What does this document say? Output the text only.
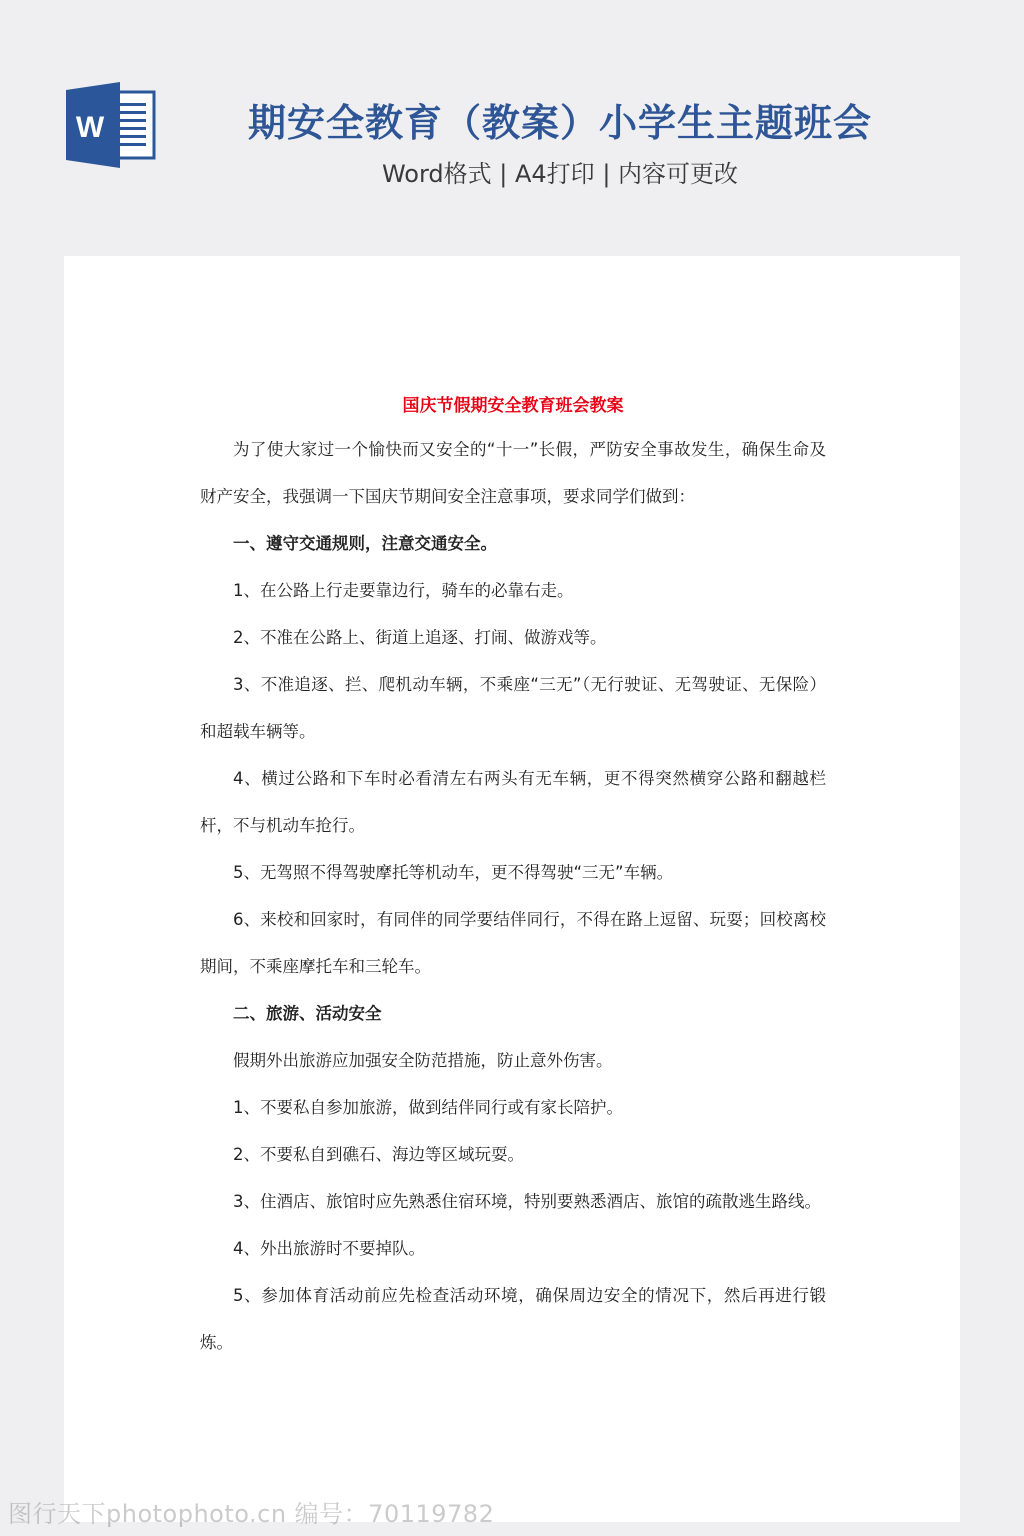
W	期安全教育（教案）小学生主题班会
Word格式 | A4打印 | 内容可更改
国庆节假期安全教育班会教案

为了使大家过一个愉快而又安全的“十一”长假，严防安全事故发生，确保生命及财产安全，我强调一下国庆节期间安全注意事项，要求同学们做到：

一、遵守交通规则，注意交通安全。

1、在公路上行走要靠边行，骑车的必靠右走。

2、不准在公路上、街道上追逐、打闹、做游戏等。

3、不准追逐、拦、爬机动车辆，不乘座“三无”（无行驶证、无驾驶证、无保险）和超载车辆等。

4、横过公路和下车时必看清左右两头有无车辆，更不得突然横穿公路和翻越栏杆，不与机动车抢行。

5、无驾照不得驾驶摩托等机动车，更不得驾驶“三无”车辆。

6、来校和回家时，有同伴的同学要结伴同行，不得在路上逗留、玩耍；回校离校期间，不乘座摩托车和三轮车。

二、旅游、活动安全

假期外出旅游应加强安全防范措施，防止意外伤害。

1、不要私自参加旅游，做到结伴同行或有家长陪护。

2、不要私自到礁石、海边等区域玩耍。

3、住酒店、旅馆时应先熟悉住宿环境，特别要熟悉酒店、旅馆的疏散逃生路线。

4、外出旅游时不要掉队。

5、参加体育活动前应先检查活动环境，确保周边安全的情况下，然后再进行锻炼。

图行天下photophoto.cn 编号：70119782
